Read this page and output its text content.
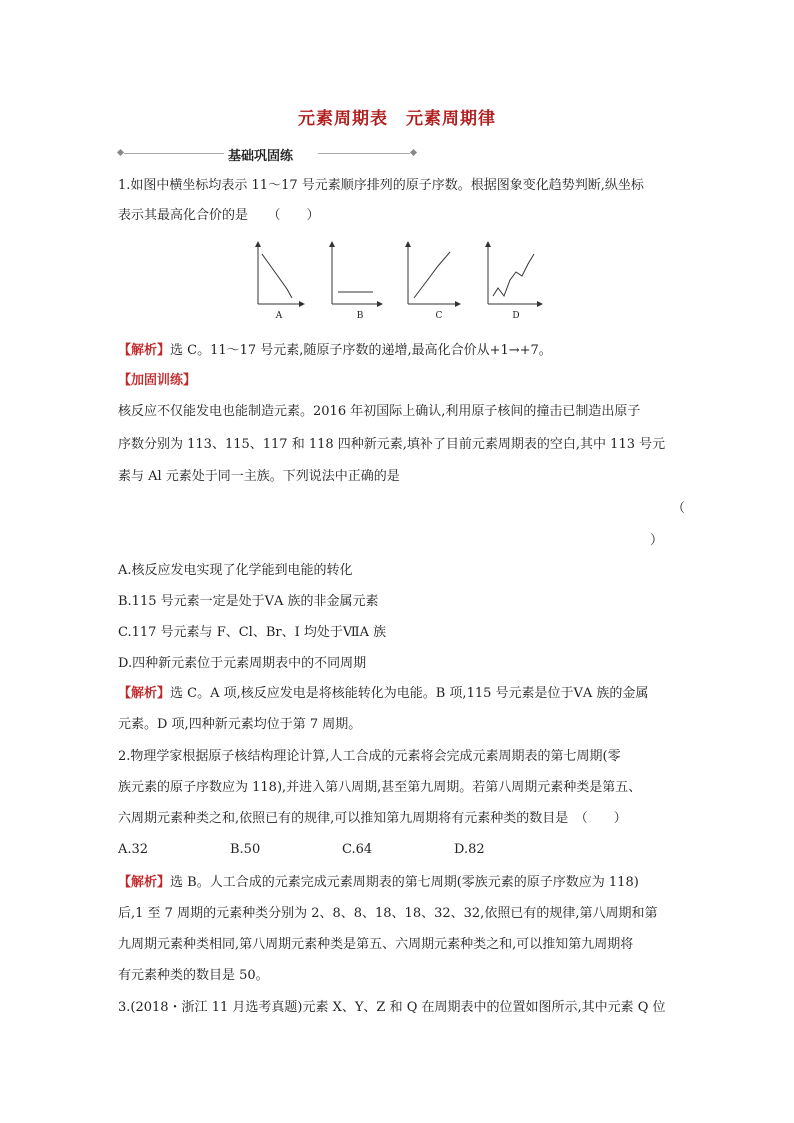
元素周期表　元素周期律
基础巩固练
1.如图中横坐标均表示 11～17 号元素顺序排列的原子序数。根据图象变化趋势判断,纵坐标
表示其最高化合价的是　　（　　）
A	B	C	D
【解析】选 C。11～17 号元素,随原子序数的递增,最高化合价从+1→+7。
【加固训练】
核反应不仅能发电也能制造元素。2016 年初国际上确认,利用原子核间的撞击已制造出原子
序数分别为 113、115、117 和 118 四种新元素,填补了目前元素周期表的空白,其中 113 号元
素与 Al 元素处于同一主族。下列说法中正确的是
（
）
A.核反应发电实现了化学能到电能的转化
B.115 号元素一定是处于ⅤA 族的非金属元素
C.117 号元素与 F、Cl、Br、I 均处于ⅦA 族
D.四种新元素位于元素周期表中的不同周期
【解析】选 C。A 项,核反应发电是将核能转化为电能。B 项,115 号元素是位于ⅤA 族的金属
元素。D 项,四种新元素均位于第 7 周期。
2.物理学家根据原子核结构理论计算,人工合成的元素将会完成元素周期表的第七周期(零
族元素的原子序数应为 118),并进入第八周期,甚至第九周期。若第八周期元素种类是第五、
六周期元素种类之和,依照已有的规律,可以推知第九周期将有元素种类的数目是　（　　）
A.32	B.50	C.64	D.82
【解析】选 B。人工合成的元素完成元素周期表的第七周期(零族元素的原子序数应为 118)
后,1 至 7 周期的元素种类分别为 2、8、8、18、18、32、32,依照已有的规律,第八周期和第
九周期元素种类相同,第八周期元素种类是第五、六周期元素种类之和,可以推知第九周期将
有元素种类的数目是 50。
3.(2018・浙江 11 月选考真题)元素 X、Y、Z 和 Q 在周期表中的位置如图所示,其中元素 Q 位
